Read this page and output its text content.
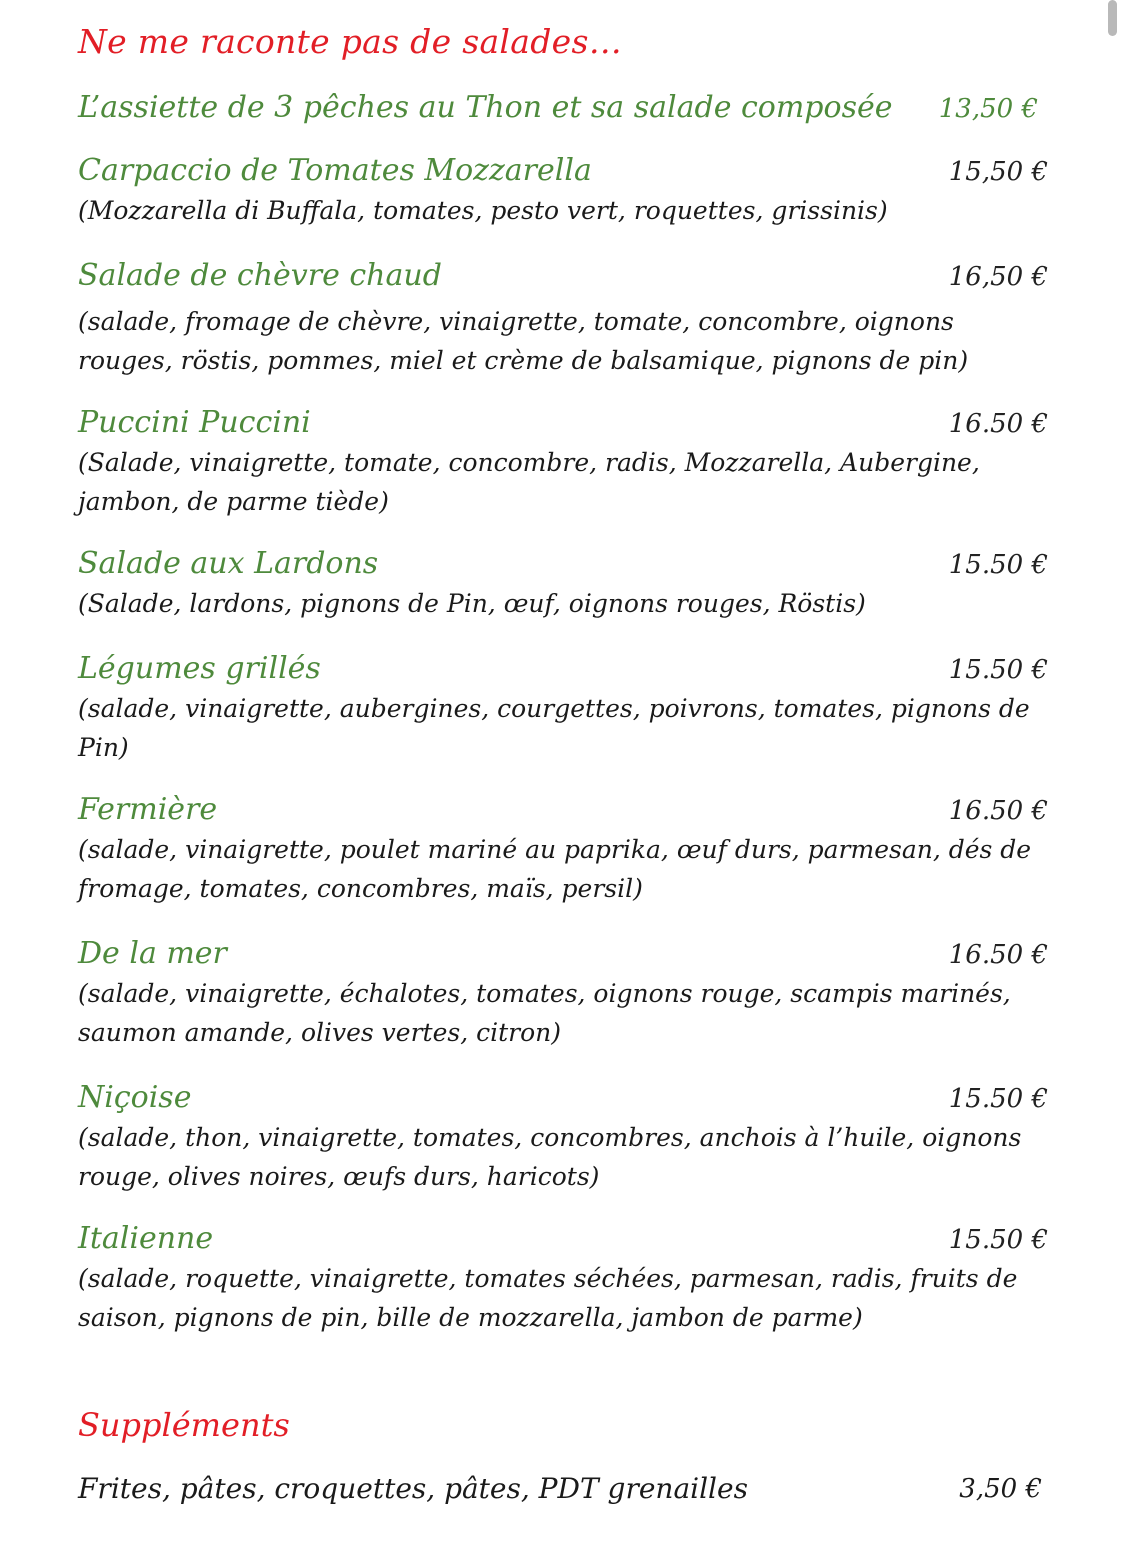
Ne me raconte pas de salades…
L’assiette de 3 pêches au Thon et sa salade composée 13,50 €
Carpaccio de Tomates Mozzarella	15,50 €
(Mozzarella di Buffala, tomates, pesto vert, roquettes, grissinis)
Salade de chèvre chaud	16,50 €
(salade, fromage de chèvre, vinaigrette, tomate, concombre, oignons rouges, röstis, pommes, miel et crème de balsamique, pignons de pin)
Puccini Puccini	16.50 €
(Salade, vinaigrette, tomate, concombre, radis, Mozzarella, Aubergine, jambon, de parme tiède)
Salade aux Lardons	15.50 €
(Salade, lardons, pignons de Pin, œuf, oignons rouges, Röstis)
Légumes grillés	15.50 €
(salade, vinaigrette, aubergines, courgettes, poivrons, tomates, pignons de Pin)
Fermière	16.50 €
(salade, vinaigrette, poulet mariné au paprika, œuf durs, parmesan, dés de fromage, tomates, concombres, maïs, persil)
De la mer	16.50 €
(salade, vinaigrette, échalotes, tomates, oignons rouge, scampis marinés, saumon amande, olives vertes, citron)
Niçoise	15.50 €
(salade, thon, vinaigrette, tomates, concombres, anchois à l’huile, oignons rouge, olives noires, œufs durs, haricots)
Italienne	15.50 €
(salade, roquette, vinaigrette, tomates séchées, parmesan, radis, fruits de saison, pignons de pin, bille de mozzarella, jambon de parme)
Suppléments
Frites, pâtes, croquettes, pâtes, PDT grenailles	3,50 €
